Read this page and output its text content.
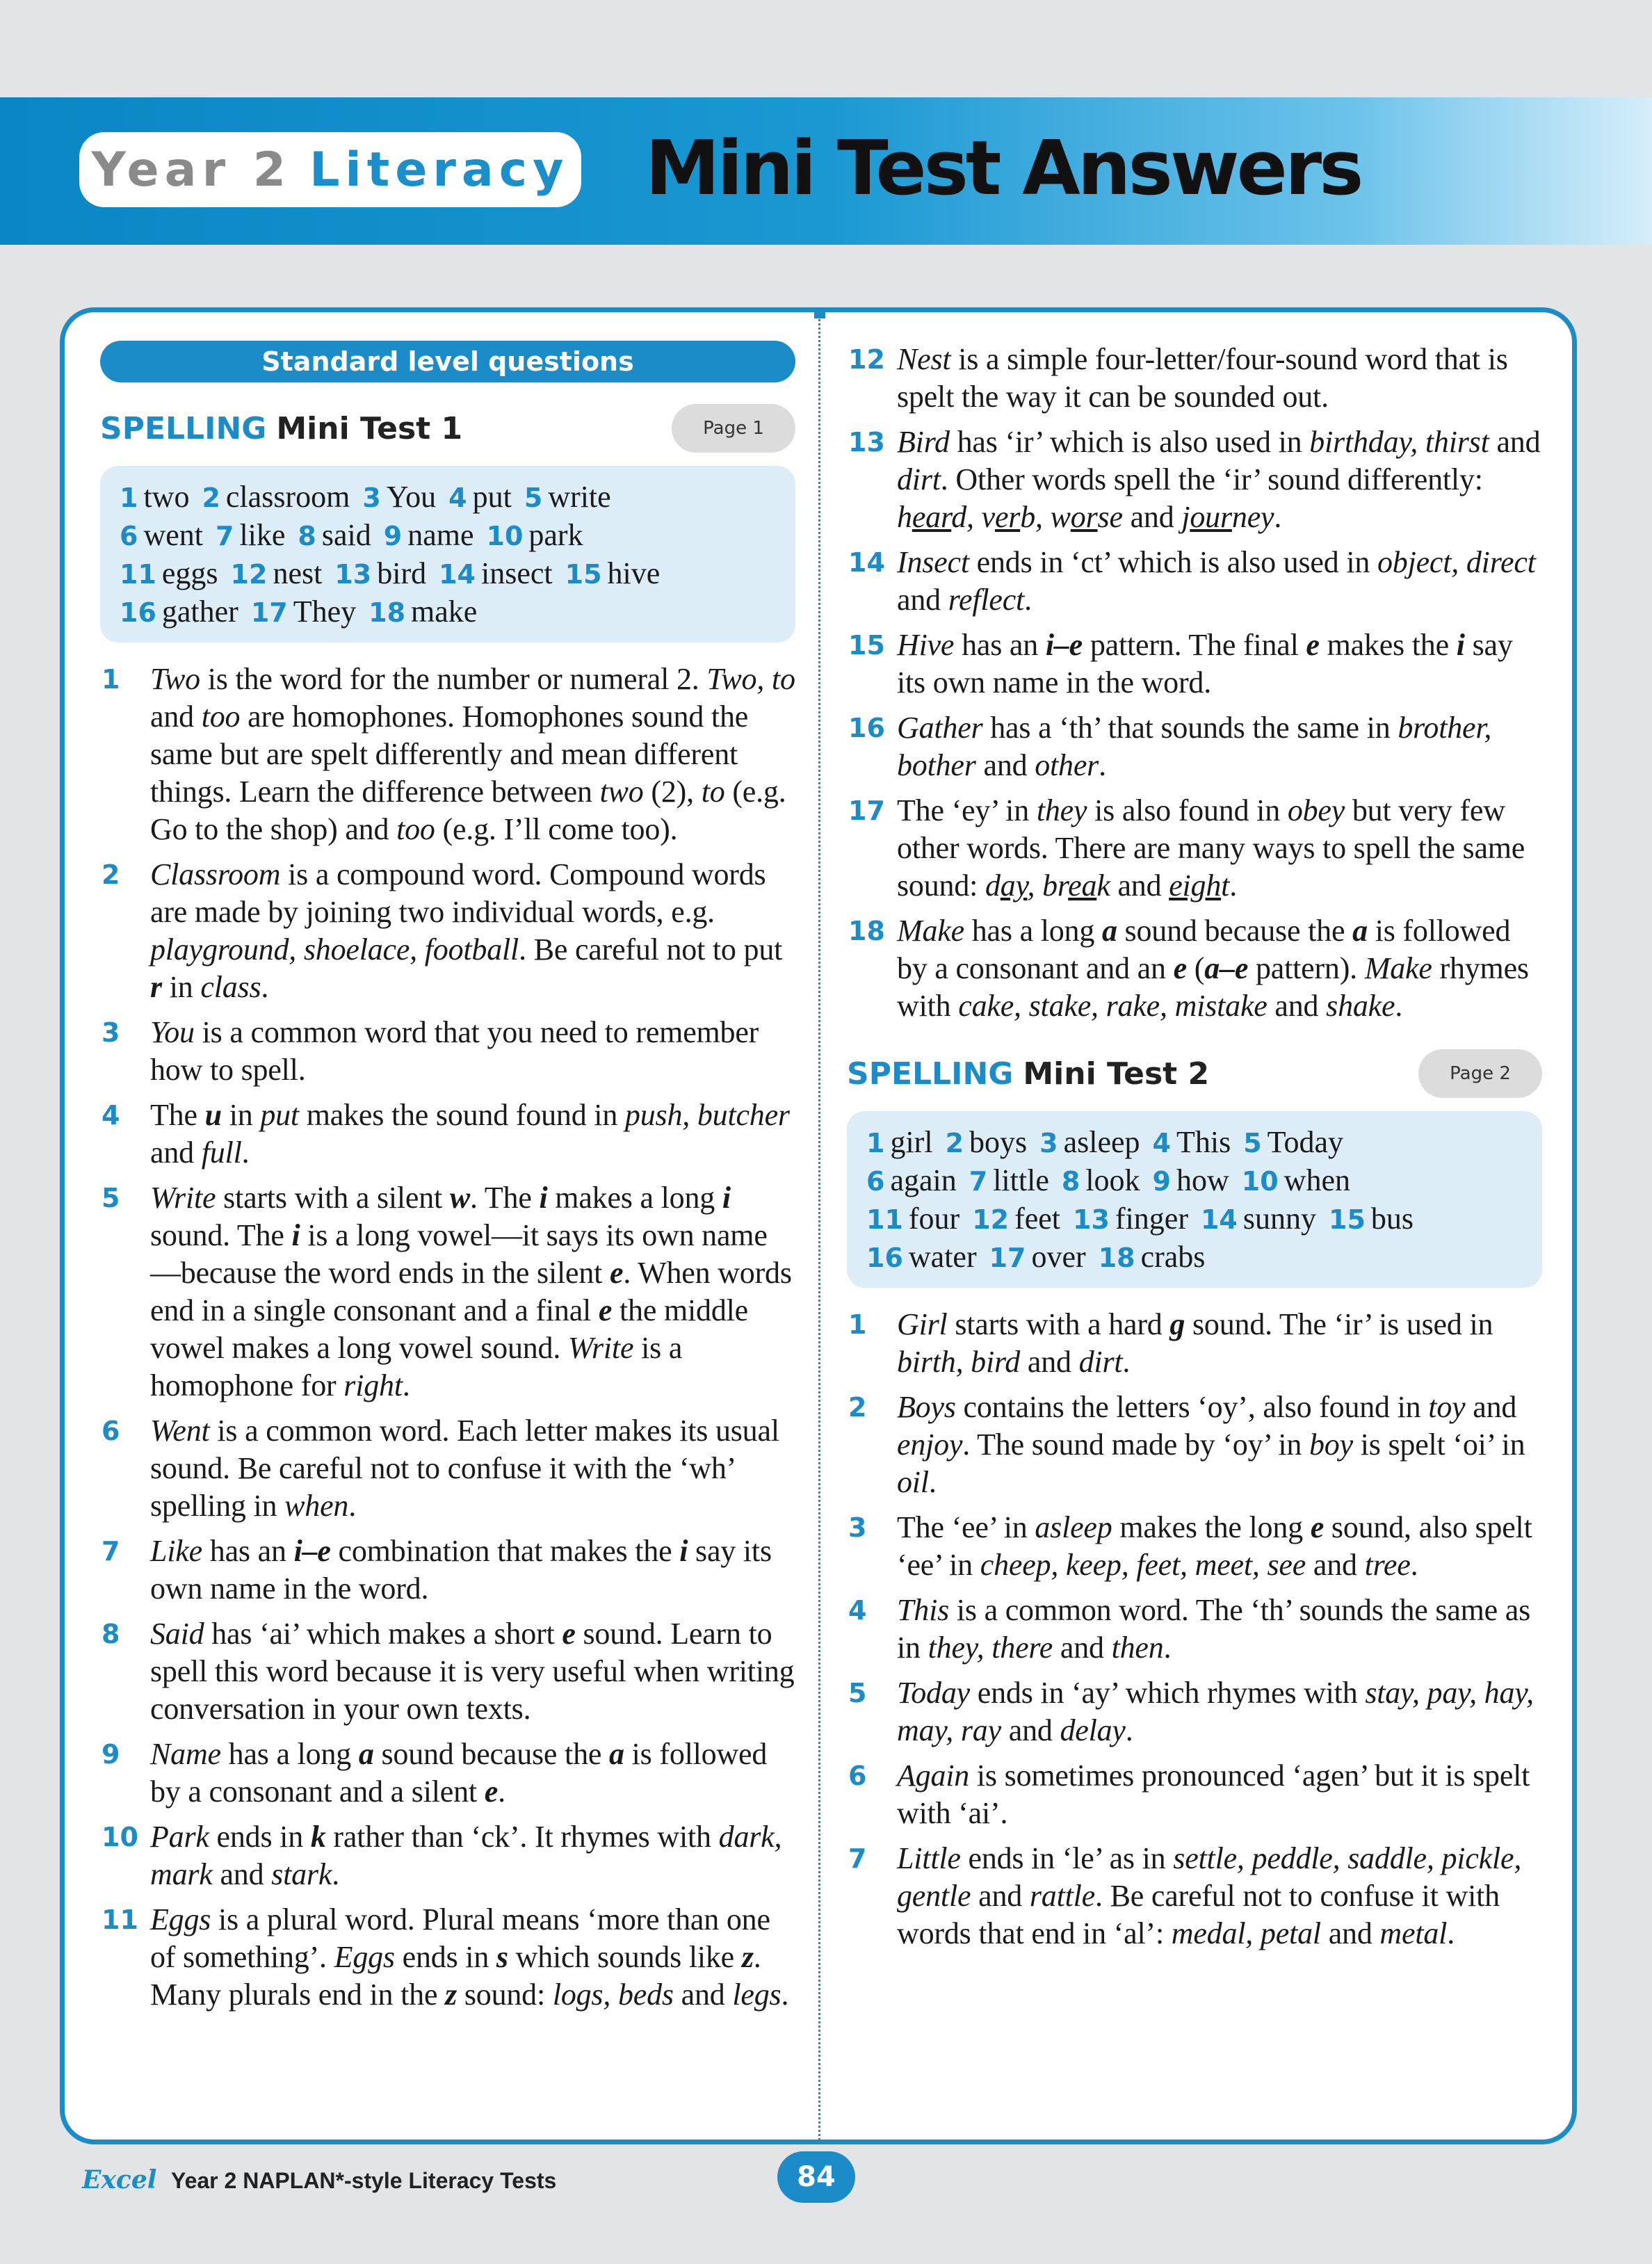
Year 2 Literacy Mini Test Answers
Standard level questions
SPELLING Mini Test 1	Page 1
1 two 2 classroom 3 You 4 put 5 write
6 went 7 like 8 said 9 name 10 park
11 eggs 12 nest 13 bird 14 insect 15 hive
16 gather 17 They 18 make
1 Two is the word for the number or numeral 2. Two, to and too are homophones. Homophones sound the same but are spelt differently and mean different things. Learn the difference between two (2), to (e.g. Go to the shop) and too (e.g. I’ll come too).
2 Classroom is a compound word. Compound words are made by joining two individual words, e.g. playground, shoelace, football. Be careful not to put r in class.
3 You is a common word that you need to remember how to spell.
4 The u in put makes the sound found in push, butcher and full.
5 Write starts with a silent w. The i makes a long i sound. The i is a long vowel—it says its own name—because the word ends in the silent e. When words end in a single consonant and a final e the middle vowel makes a long vowel sound. Write is a homophone for right.
6 Went is a common word. Each letter makes its usual sound. Be careful not to confuse it with the ‘wh’ spelling in when.
7 Like has an i–e combination that makes the i say its own name in the word.
8 Said has ‘ai’ which makes a short e sound. Learn to spell this word because it is very useful when writing conversation in your own texts.
9 Name has a long a sound because the a is followed by a consonant and a silent e.
10 Park ends in k rather than ‘ck’. It rhymes with dark, mark and stark.
11 Eggs is a plural word. Plural means ‘more than one of something’. Eggs ends in s which sounds like z. Many plurals end in the z sound: logs, beds and legs.
12 Nest is a simple four-letter/four-sound word that is spelt the way it can be sounded out.
13 Bird has ‘ir’ which is also used in birthday, thirst and dirt. Other words spell the ‘ir’ sound differently: heard, verb, worse and journey.
14 Insect ends in ‘ct’ which is also used in object, direct and reflect.
15 Hive has an i–e pattern. The final e makes the i say its own name in the word.
16 Gather has a ‘th’ that sounds the same in brother, bother and other.
17 The ‘ey’ in they is also found in obey but very few other words. There are many ways to spell the same sound: day, break and eight.
18 Make has a long a sound because the a is followed by a consonant and an e (a–e pattern). Make rhymes with cake, stake, rake, mistake and shake.
SPELLING Mini Test 2	Page 2
1 girl 2 boys 3 asleep 4 This 5 Today
6 again 7 little 8 look 9 how 10 when
11 four 12 feet 13 finger 14 sunny 15 bus
16 water 17 over 18 crabs
1 Girl starts with a hard g sound. The ‘ir’ is used in birth, bird and dirt.
2 Boys contains the letters ‘oy’, also found in toy and enjoy. The sound made by ‘oy’ in boy is spelt ‘oi’ in oil.
3 The ‘ee’ in asleep makes the long e sound, also spelt ‘ee’ in cheep, keep, feet, meet, see and tree.
4 This is a common word. The ‘th’ sounds the same as in they, there and then.
5 Today ends in ‘ay’ which rhymes with stay, pay, hay, may, ray and delay.
6 Again is sometimes pronounced ‘agen’ but it is spelt with ‘ai’.
7 Little ends in ‘le’ as in settle, peddle, saddle, pickle, gentle and rattle. Be careful not to confuse it with words that end in ‘al’: medal, petal and metal.
Excel Year 2 NAPLAN*-style Literacy Tests	84
